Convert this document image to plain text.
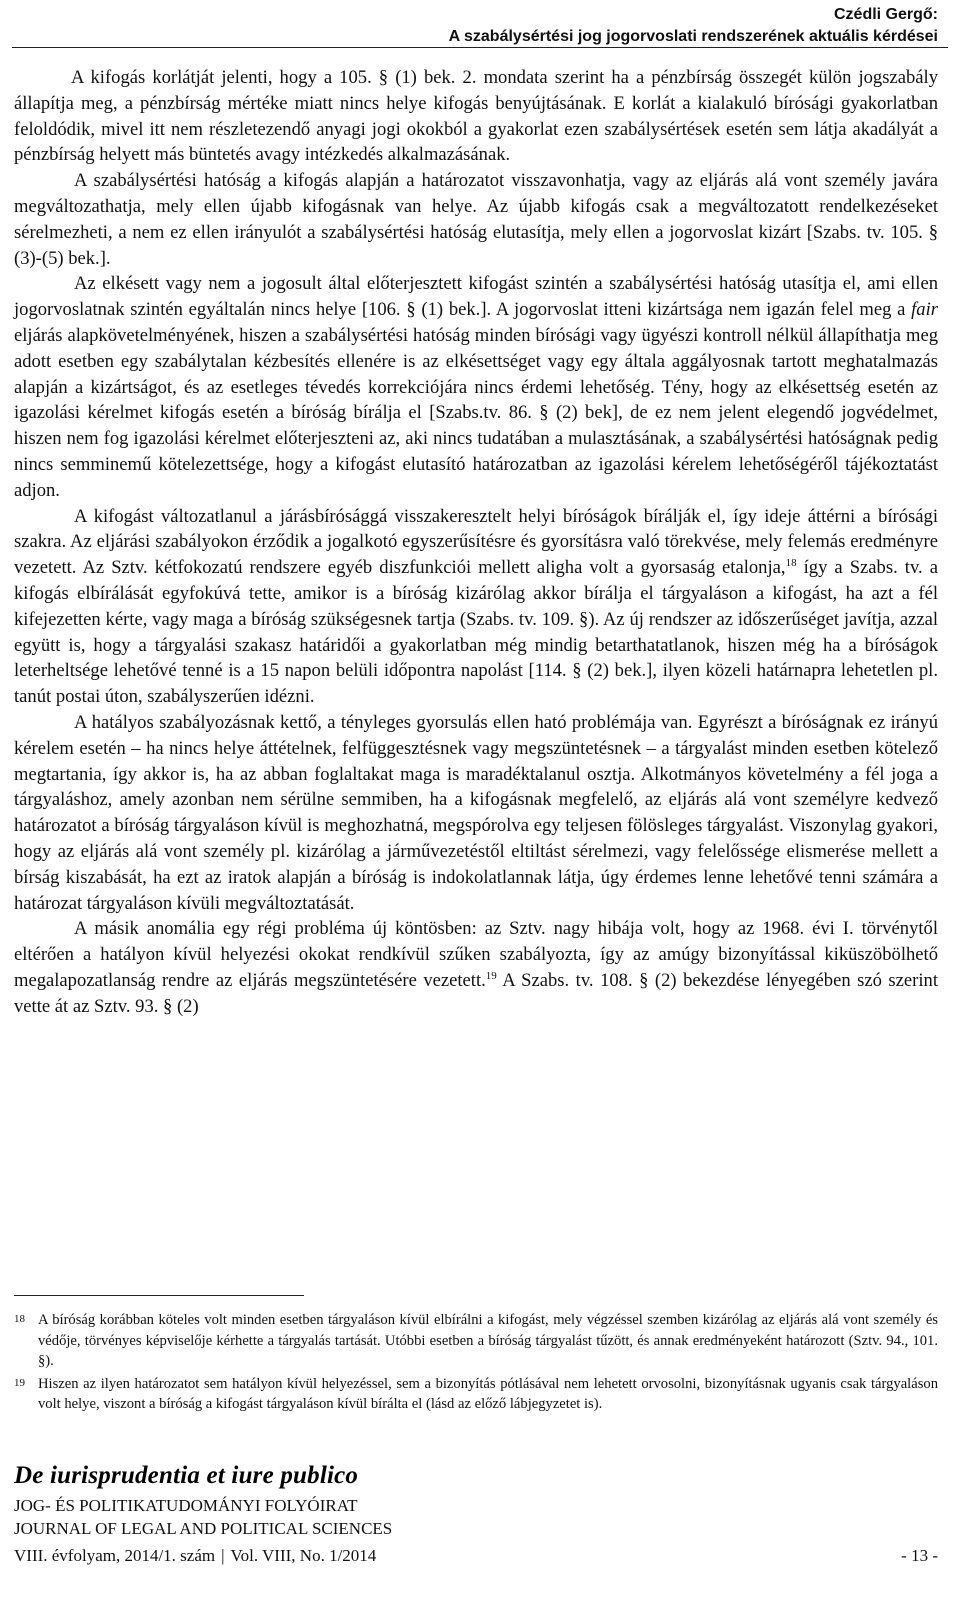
Czédli Gergő:
A szabálysértési jog jogorvoslati rendszerének aktuális kérdései

A kifogás korlátját jelenti, hogy a 105. § (1) bek. 2. mondata szerint ha a pénzbírság összegét külön jogszabály állapítja meg, a pénzbírság mértéke miatt nincs helye kifogás benyújtásának. E korlát a kialakuló bírósági gyakorlatban feloldódik, mivel itt nem részletezendő anyagi jogi okokból a gyakorlat ezen szabálysértések esetén sem látja akadályát a pénzbírság helyett más büntetés avagy intézkedés alkalmazásának.

A szabálysértési hatóság a kifogás alapján a határozatot visszavonhatja, vagy az eljárás alá vont személy javára megváltozathatja, mely ellen újabb kifogásnak van helye. Az újabb kifogás csak a megváltozatott rendelkezéseket sérelmezheti, a nem ez ellen irányulót a szabálysértési hatóság elutasítja, mely ellen a jogorvoslat kizárt [Szabs. tv. 105. § (3)-(5) bek.].

Az elkésett vagy nem a jogosult által előterjesztett kifogást szintén a szabálysértési hatóság utasítja el, ami ellen jogorvoslatnak szintén egyáltalán nincs helye [106. § (1) bek.]. A jogorvoslat itteni kizártsága nem igazán felel meg a fair eljárás alapkövetelményének, hiszen a szabálysértési hatóság minden bírósági vagy ügyészi kontroll nélkül állapíthatja meg adott esetben egy szabálytalan kézbesítés ellenére is az elkésettséget vagy egy általa aggályosnak tartott meghatalmazás alapján a kizártságot, és az esetleges tévedés korrekciójára nincs érdemi lehetőség. Tény, hogy az elkésettség esetén az igazolási kérelmet kifogás esetén a bíróság bírálja el [Szabs.tv. 86. § (2) bek], de ez nem jelent elegendő jogvédelmet, hiszen nem fog igazolási kérelmet előterjeszteni az, aki nincs tudatában a mulasztásának, a szabálysértési hatóságnak pedig nincs semminemű kötelezettsége, hogy a kifogást elutasító határozatban az igazolási kérelem lehetőségéről tájékoztatást adjon.

A kifogást változatlanul a járásbírósággá visszakeresztelt helyi bíróságok bírálják el, így ideje áttérni a bírósági szakra. Az eljárási szabályokon érződik a jogalkotó egyszerűsítésre és gyorsításra való törekvése, mely felemás eredményre vezetett. Az Sztv. kétfokozatú rendszere egyéb diszfunkciói mellett aligha volt a gyorsaság etalonja,$^{18}$ így a Szabs. tv. a kifogás elbírálását egyfokúvá tette, amikor is a bíróság kizárólag akkor bírálja el tárgyaláson a kifogást, ha azt a fél kifejezetten kérte, vagy maga a bíróság szükségesnek tartja (Szabs. tv. 109. §). Az új rendszer az időszerűséget javítja, azzal együtt is, hogy a tárgyalási szakasz határidői a gyakorlatban még mindig betarthatatlanok, hiszen még ha a bíróságok leterheltsége lehetővé tenné is a 15 napon belüli időpontra napolást [114. § (2) bek.], ilyen közeli határnapra lehetetlen pl. tanút postai úton, szabályszerűen idézni.

A hatályos szabályozásnak kettő, a tényleges gyorsulás ellen ható problémája van. Egyrészt a bíróságnak ez irányú kérelem esetén – ha nincs helye áttételnek, felfüggesztésnek vagy megszüntetésnek – a tárgyalást minden esetben kötelező megtartania, így akkor is, ha az abban foglaltakat maga is maradéktalanul osztja. Alkotmányos követelmény a fél joga a tárgyaláshoz, amely azonban nem sérülne semmiben, ha a kifogásnak megfelelő, az eljárás alá vont személyre kedvező határozatot a bíróság tárgyaláson kívül is meghozhatná, megspórolva egy teljesen fölösleges tárgyalást. Viszonylag gyakori, hogy az eljárás alá vont személy pl. kizárólag a járművezetéstől eltiltást sérelmezi, vagy felelőssége elismerése mellett a bírság kiszabását, ha ezt az iratok alapján a bíróság is indokolatlannak látja, úgy érdemes lenne lehetővé tenni számára a határozat tárgyaláson kívüli megváltoztatását.

A másik anomália egy régi probléma új köntösben: az Sztv. nagy hibája volt, hogy az 1968. évi I. törvénytől eltérően a hatályon kívül helyezési okokat rendkívül szűken szabályozta, így az amúgy bizonyítással kiküszöbölhető megalapozatlanság rendre az eljárás megszüntetésére vezetett.$^{19}$ A Szabs. tv. 108. § (2) bekezdése lényegében szó szerint vette át az Sztv. 93. § (2)

18 A bíróság korábban köteles volt minden esetben tárgyaláson kívül elbírálni a kifogást, mely végzéssel szemben kizárólag az eljárás alá vont személy és védője, törvényes képviselője kérhette a tárgyalás tartását. Utóbbi esetben a bíróság tárgyalást tűzött, és annak eredményeként határozott (Sztv. 94., 101. §).
19 Hiszen az ilyen határozatot sem hatályon kívül helyezéssel, sem a bizonyítás pótlásával nem lehetett orvosolni, bizonyításnak ugyanis csak tárgyaláson volt helye, viszont a bíróság a kifogást tárgyaláson kívül bírálta el (lásd az előző lábjegyzetet is).
De iurisprudentia et iure publico
JOG- ÉS POLITIKATUDOMÁNYI FOLYÓIRAT
JOURNAL OF LEGAL AND POLITICAL SCIENCES
VIII. évfolyam, 2014/1. szám | Vol. VIII, No. 1/2014	- 13 -
